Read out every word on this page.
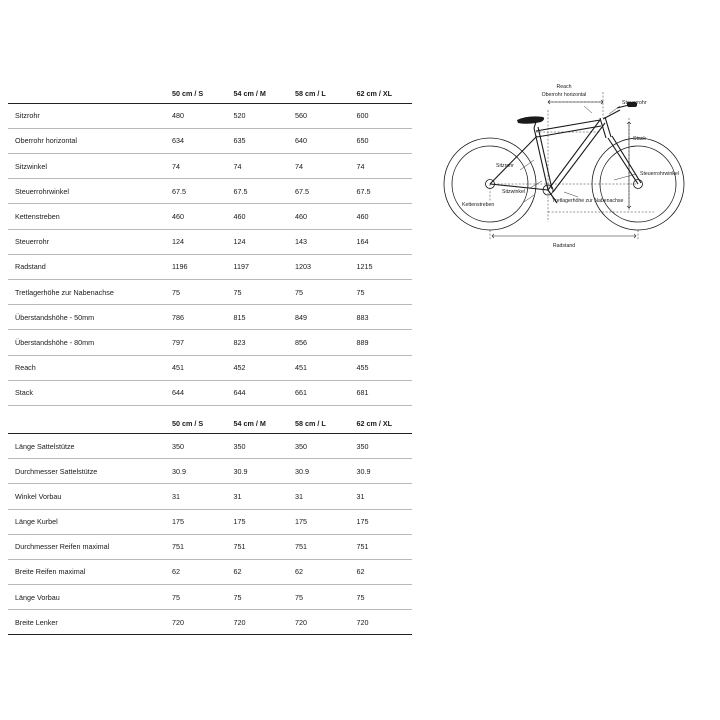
	50 cm / S	54 cm / M	58 cm / L	62 cm / XL
Sitzrohr	480	520	560	600
Oberrohr horizontal	634	635	640	650
Sitzwinkel	74	74	74	74
Steuerrohrwinkel	67.5	67.5	67.5	67.5
Kettenstreben	460	460	460	460
Steuerrohr	124	124	143	164
Radstand	1196	1197	1203	1215
Tretlagerhöhe zur Nabenachse	75	75	75	75
Überstandshöhe - 50mm	786	815	849	883
Überstandshöhe - 80mm	797	823	856	889
Reach	451	452	451	455
Stack	644	644	661	681
	50 cm / S	54 cm / M	58 cm / L	62 cm / XL
Länge Sattelstütze	350	350	350	350
Durchmesser Sattelstütze	30.9	30.9	30.9	30.9
Winkel Vorbau	31	31	31	31
Länge Kurbel	175	175	175	175
Durchmesser Reifen maximal	751	751	751	751
Breite Reifen maximal	62	62	62	62
Länge Vorbau	75	75	75	75
Breite Lenker	720	720	720	720
Reach
Oberrohr horizontal
Steuerrohr
Stack
Sitzrohr
Sitzwinkel
Steuerrohrwinkel
Kettenstreben
Tretlagerhöhe zur Nabenachse
Radstand
